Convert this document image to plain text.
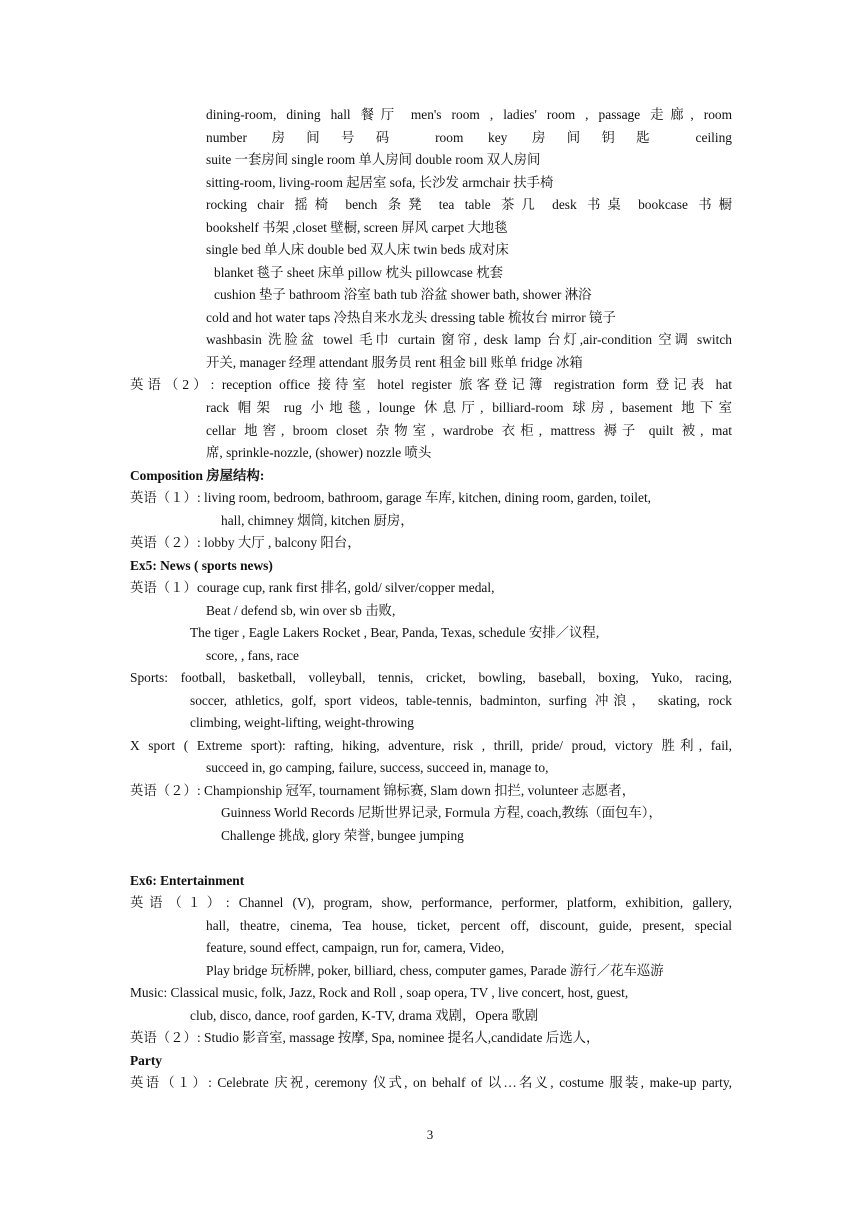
dining-room, dining hall 餐厅 men's room , ladies' room , passage 走廊, room
number 房间号码 room key 房间钥匙 ceiling
suite 一套房间 single room 单人房间 double room 双人房间
sitting-room, living-room 起居室 sofa, 长沙发 armchair 扶手椅
rocking chair 摇椅 bench 条凳 tea table 茶几 desk 书桌 bookcase 书橱
bookshelf 书架 ,closet 壁橱, screen 屏风 carpet 大地毯
single bed 单人床 double bed 双人床 twin beds 成对床
blanket 毯子 sheet 床单 pillow 枕头 pillowcase 枕套
cushion 垫子 bathroom 浴室 bath tub 浴盆 shower bath, shower 淋浴
cold and hot water taps 冷热自来水龙头 dressing table 梳妆台 mirror 镜子
washbasin 洗脸盆 towel 毛巾 curtain 窗帘, desk lamp 台灯,air-condition 空调 switch
开关, manager 经理 attendant 服务员 rent 租金 bill 账单 fridge 冰箱
英语（2）: reception office 接待室 hotel register 旅客登记簿 registration form 登记表 hat
rack 帽架 rug 小地毯, lounge 休息厅, billiard-room 球房, basement 地下室
cellar 地窖, broom closet 杂物室, wardrobe 衣柜, mattress 褥子 quilt 被, mat
席, sprinkle-nozzle, (shower) nozzle 喷头
Composition 房屋结构:
英语（１）: living room, bedroom, bathroom, garage 车库, kitchen, dining room, garden, toilet,
hall, chimney 烟筒, kitchen 厨房，
英语（２）: lobby 大厅 , balcony 阳台，
Ex5: News ( sports news)
英语（１）courage cup, rank first 排名, gold/ silver/copper medal,
Beat / defend sb, win over sb 击败,
The tiger , Eagle Lakers Rocket , Bear, Panda, Texas, schedule 安排／议程,
score, , fans, race
Sports: football, basketball, volleyball, tennis, cricket, bowling, baseball, boxing, Yuko, racing,
soccer, athletics, golf, sport videos, table-tennis, badminton, surfing 冲浪， skating, rock
climbing, weight-lifting, weight-throwing
X sport ( Extreme sport): rafting, hiking, adventure, risk , thrill, pride/ proud, victory 胜利, fail,
succeed in, go camping, failure, success, succeed in, manage to,
英语（２）: Championship 冠军, tournament 锦标赛, Slam down 扣拦, volunteer 志愿者，
Guinness World Records 尼斯世界记录, Formula 方程, coach,教练（面包车），
Challenge 挑战, glory 荣誉, bungee jumping
Ex6: Entertainment
英语（１）: Channel (V), program, show, performance, performer, platform, exhibition, gallery,
hall, theatre, cinema, Tea house, ticket, percent off, discount, guide, present, special
feature, sound effect, campaign, run for, camera, Video,
Play bridge 玩桥牌, poker, billiard, chess, computer games, Parade 游行／花车巡游
Music: Classical music, folk, Jazz, Rock and Roll , soap opera, TV , live concert, host, guest,
club, disco, dance, roof garden, K-TV, drama 戏剧，Opera 歌剧
英语（２）: Studio 影音室, massage 按摩, Spa, nominee 提名人,candidate 后选人，
Party
英语（１）: Celebrate 庆祝, ceremony 仪式, on behalf of 以…名义, costume 服装, make-up party,
3
